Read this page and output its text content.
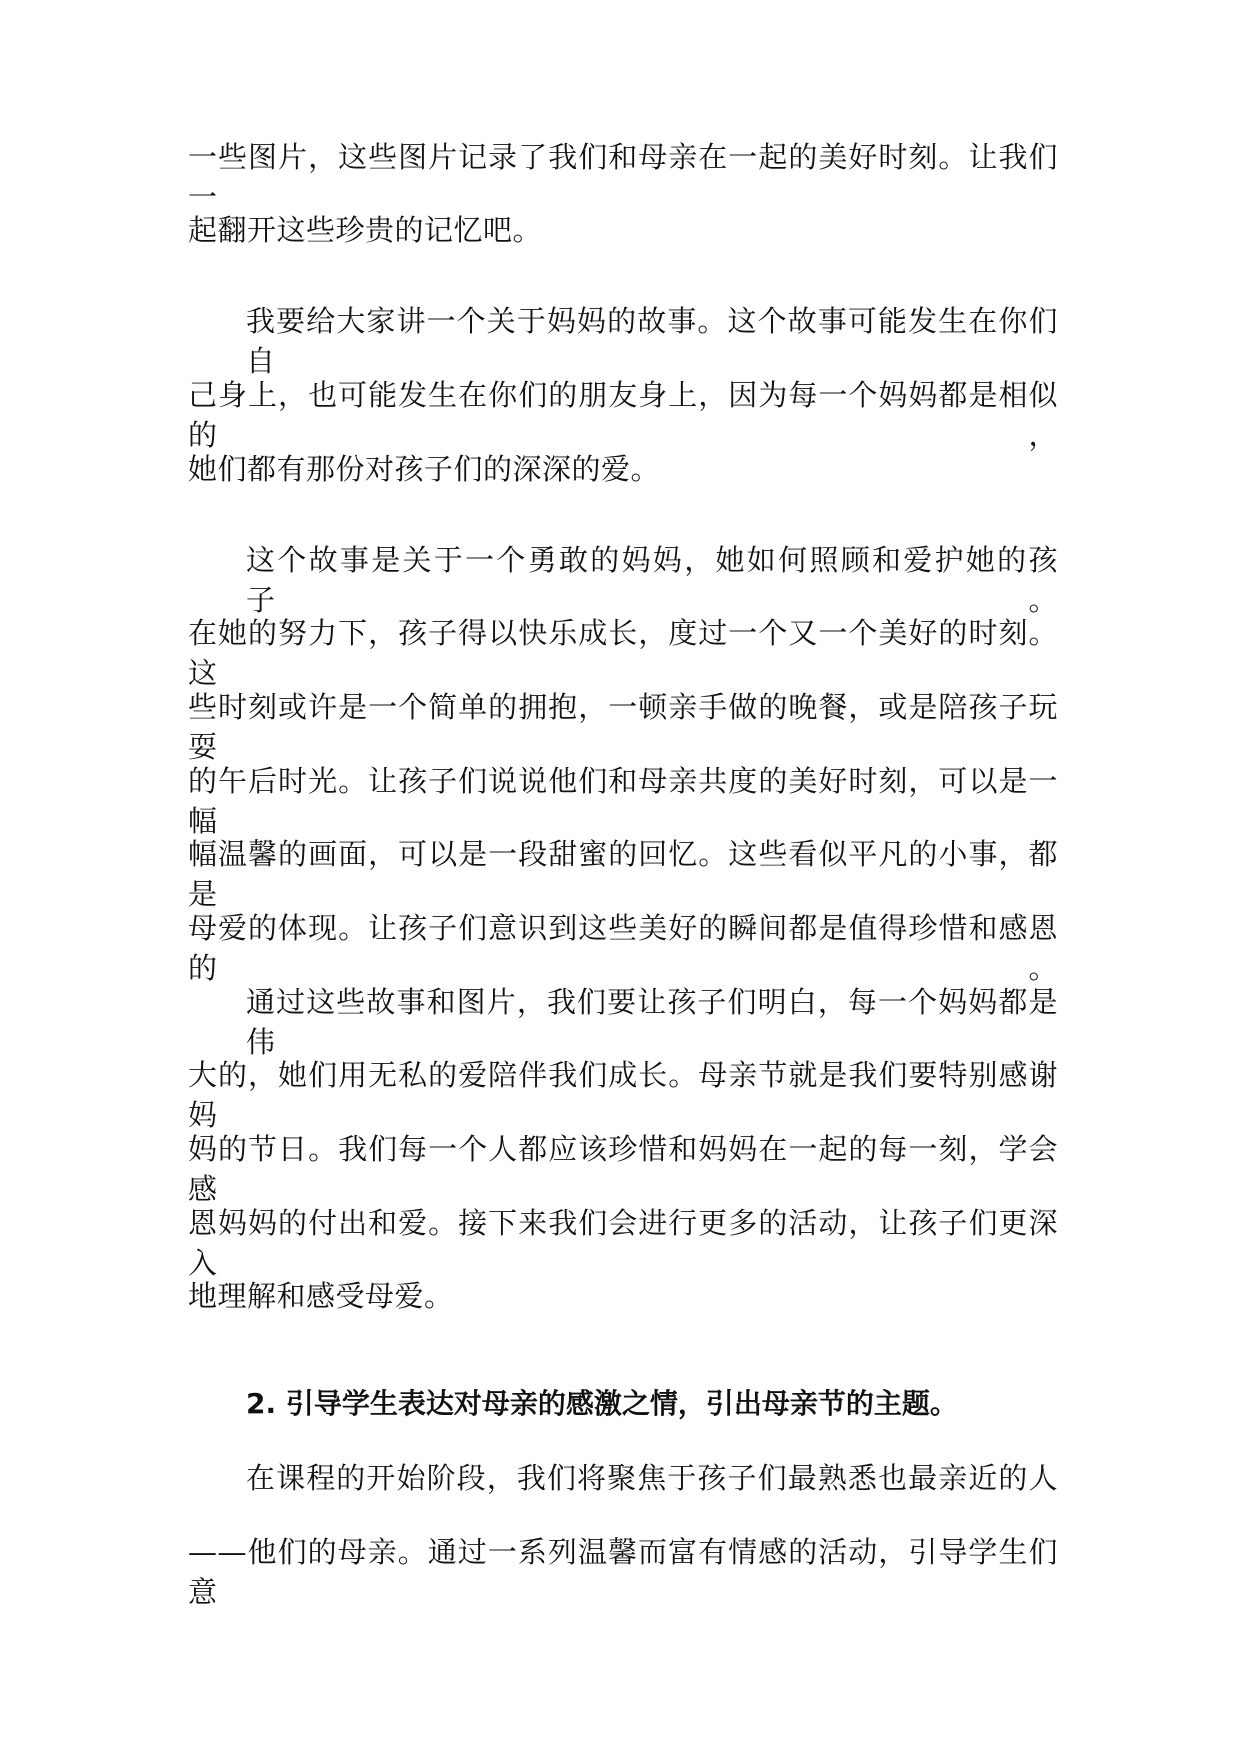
一些图片，这些图片记录了我们和母亲在一起的美好时刻。让我们一
起翻开这些珍贵的记忆吧。
我要给大家讲一个关于妈妈的故事。这个故事可能发生在你们自
己身上，也可能发生在你们的朋友身上，因为每一个妈妈都是相似的，
她们都有那份对孩子们的深深的爱。
这个故事是关于一个勇敢的妈妈，她如何照顾和爱护她的孩子。
在她的努力下，孩子得以快乐成长，度过一个又一个美好的时刻。这
些时刻或许是一个简单的拥抱，一顿亲手做的晚餐，或是陪孩子玩耍
的午后时光。让孩子们说说他们和母亲共度的美好时刻，可以是一幅
幅温馨的画面，可以是一段甜蜜的回忆。这些看似平凡的小事，都是
母爱的体现。让孩子们意识到这些美好的瞬间都是值得珍惜和感恩的。
通过这些故事和图片，我们要让孩子们明白，每一个妈妈都是伟
大的，她们用无私的爱陪伴我们成长。母亲节就是我们要特别感谢妈
妈的节日。我们每一个人都应该珍惜和妈妈在一起的每一刻，学会感
恩妈妈的付出和爱。接下来我们会进行更多的活动，让孩子们更深入
地理解和感受母爱。
2. 引导学生表达对母亲的感激之情，引出母亲节的主题。
在课程的开始阶段，我们将聚焦于孩子们最熟悉也最亲近的人
——他们的母亲。通过一系列温馨而富有情感的活动，引导学生们意
